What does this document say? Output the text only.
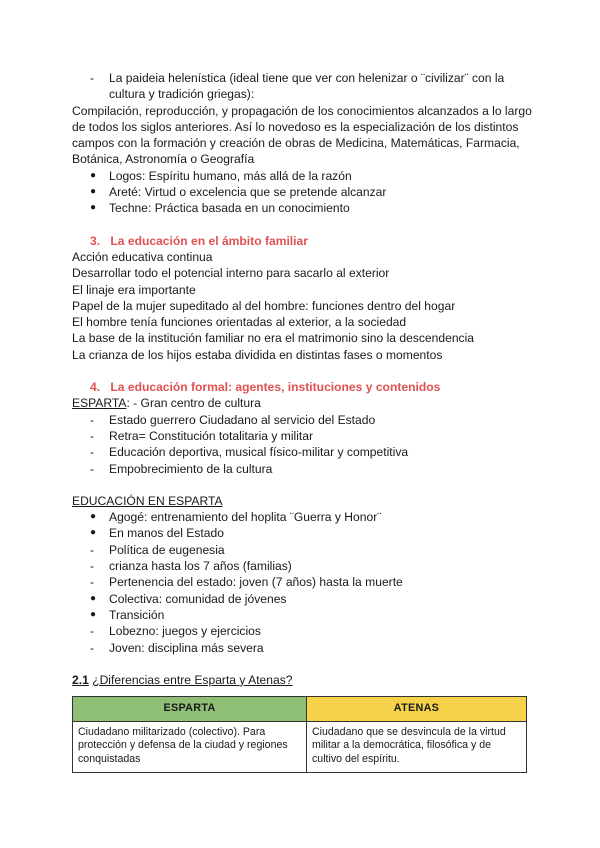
-	La paideia helenística (ideal tiene que ver con helenizar o ¨civilizar¨ con la cultura y tradición griegas):

Compilación, reproducción, y propagación de los conocimientos alcanzados a lo largo de todos los siglos anteriores. Así lo novedoso es la especialización de los distintos campos con la formación y creación de obras de Medicina, Matemáticas, Farmacia, Botánica, Astronomía o Geografía

●	Logos: Espíritu humano, más allá de la razón
●	Areté: Virtud o excelencia que se pretende alcanzar
●	Techne: Práctica basada en un conocimiento
3. La educación en el ámbito familiar
Acción educativa continua
Desarrollar todo el potencial interno para sacarlo al exterior
El linaje era importante
Papel de la mujer supeditado al del hombre: funciones dentro del hogar
El hombre tenía funciones orientadas al exterior, a la sociedad
La base de la institución familiar no era el matrimonio sino la descendencia
La crianza de los hijos estaba dividida en distintas fases o momentos
4. La educación formal: agentes, instituciones y contenidos
ESPARTA: - Gran centro de cultura
-	Estado guerrero Ciudadano al servicio del Estado
-	Retra= Constitución totalitaria y militar
-	Educación deportiva, musical físico-militar y competitiva
-	Empobrecimiento de la cultura
EDUCACIÓN EN ESPARTA
●	Agogé: entrenamiento del hoplita ¨Guerra y Honor¨
●	En manos del Estado
-	Política de eugenesia
-	crianza hasta los 7 años (familias)
-	Pertenencia del estado: joven (7 años) hasta la muerte
●	Colectiva: comunidad de jóvenes
●	Transición
-	Lobezno: juegos y ejercicios
-	Joven: disciplina más severa
2.1 ¿Diferencias entre Esparta y Atenas?
ESPARTA	ATENAS
Ciudadano militarizado (colectivo). Para protección y defensa de la ciudad y regiones conquistadas	Ciudadano que se desvincula de la virtud militar a la democrática, filosófica y de cultivo del espíritu.
